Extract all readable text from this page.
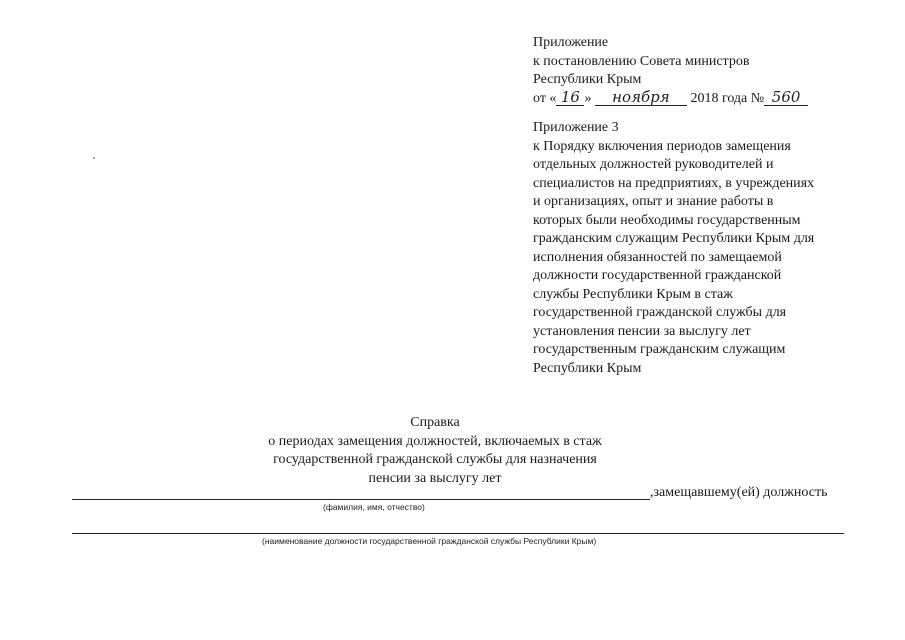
Приложение
к постановлению Совета министров
Республики Крым
от « 16 » ноября 2018 года № 560
Приложение 3
к Порядку включения периодов замещения
отдельных должностей руководителей и
специалистов на предприятиях, в учреждениях
и организациях, опыт и знание работы в
которых были необходимы государственным
гражданским служащим Республики Крым для
исполнения обязанностей по замещаемой
должности государственной гражданской
службы Республики Крым в стаж
государственной гражданской службы для
установления пенсии за выслугу лет
государственным гражданским служащим
Республики Крым
Справка
о периодах замещения должностей, включаемых в стаж
государственной гражданской службы для назначения
пенсии за выслугу лет
,замещавшему(ей) должность
(фамилия, имя, отчество)
(наименование должности государственной гражданской службы Республики Крым)
